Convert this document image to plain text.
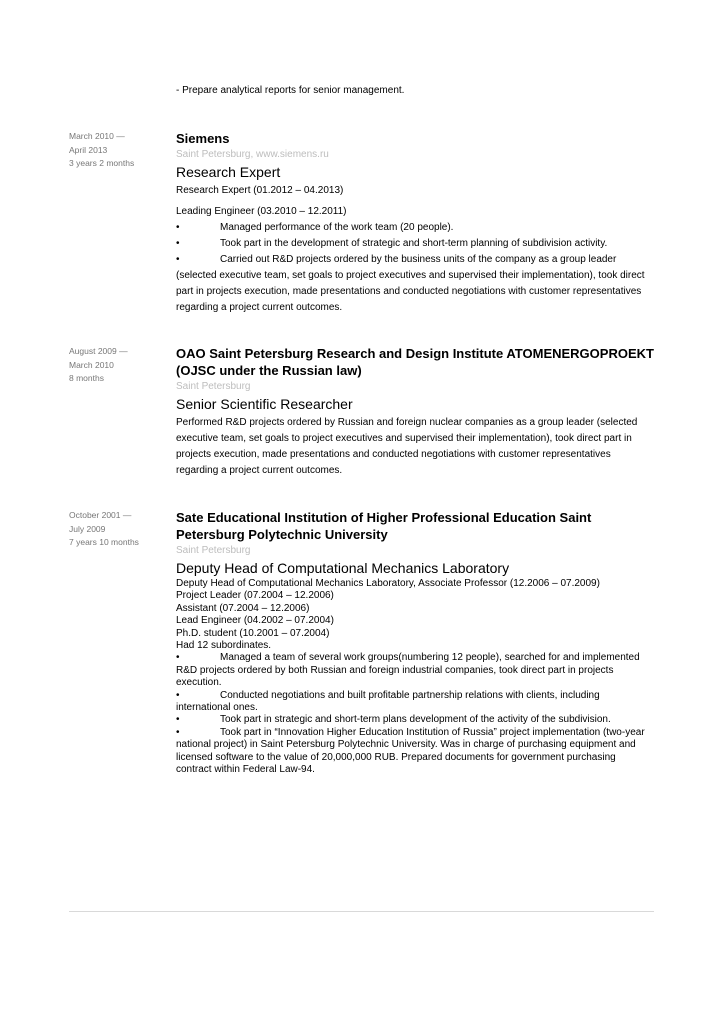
- Prepare analytical reports for senior management.
March 2010 —
April 2013
3 years 2 months
Siemens
Saint Petersburg, www.siemens.ru
Research Expert

Research Expert (01.2012 – 04.2013)

Leading Engineer (03.2010 – 12.2011)

•	Managed performance of the work team (20 people).

•	Took part in the development of strategic and short-term planning of subdivision activity.

•	Carried out R&D projects ordered by the business units of the company as a group leader (selected executive team, set goals to project executives and supervised their implementation), took direct part in projects execution, made presentations and conducted negotiations with customer representatives regarding a project current outcomes.

August 2009 —
March 2010
8 months
OAO Saint Petersburg Research and Design Institute ATOMENERGOPROEKT (OJSC under the Russian law)
Saint Petersburg
Senior Scientific Researcher

Performed R&D projects ordered by Russian and foreign nuclear companies as a group leader (selected executive team, set goals to project executives and supervised their implementation), took direct part in projects execution, made presentations and conducted negotiations with customer representatives regarding a project current outcomes.

October 2001 —
July 2009
7 years 10 months
Sate Educational Institution of Higher Professional Education Saint Petersburg Polytechnic University
Saint Petersburg
Deputy Head of Computational Mechanics Laboratory

Deputy Head of Computational Mechanics Laboratory, Associate Professor (12.2006 – 07.2009)

Project Leader (07.2004 – 12.2006)

Assistant (07.2004 – 12.2006)

Lead Engineer (04.2002 – 07.2004)

Ph.D. student (10.2001 – 07.2004)

Had 12 subordinates.

•	Managed a team of several work groups(numbering 12 people), searched for and implemented R&D projects ordered by both Russian and foreign industrial companies, took direct part in projects execution.

•	Conducted negotiations and built profitable partnership relations with clients, including international ones.

•	Took part in strategic and short-term plans development of the activity of the subdivision.

•	Took part in “Innovation Higher Education Institution of Russia” project implementation (two-year national project) in Saint Petersburg Polytechnic University. Was in charge of purchasing equipment and licensed software to the value of 20,000,000 RUB. Prepared documents for government purchasing contract within Federal Law-94.
